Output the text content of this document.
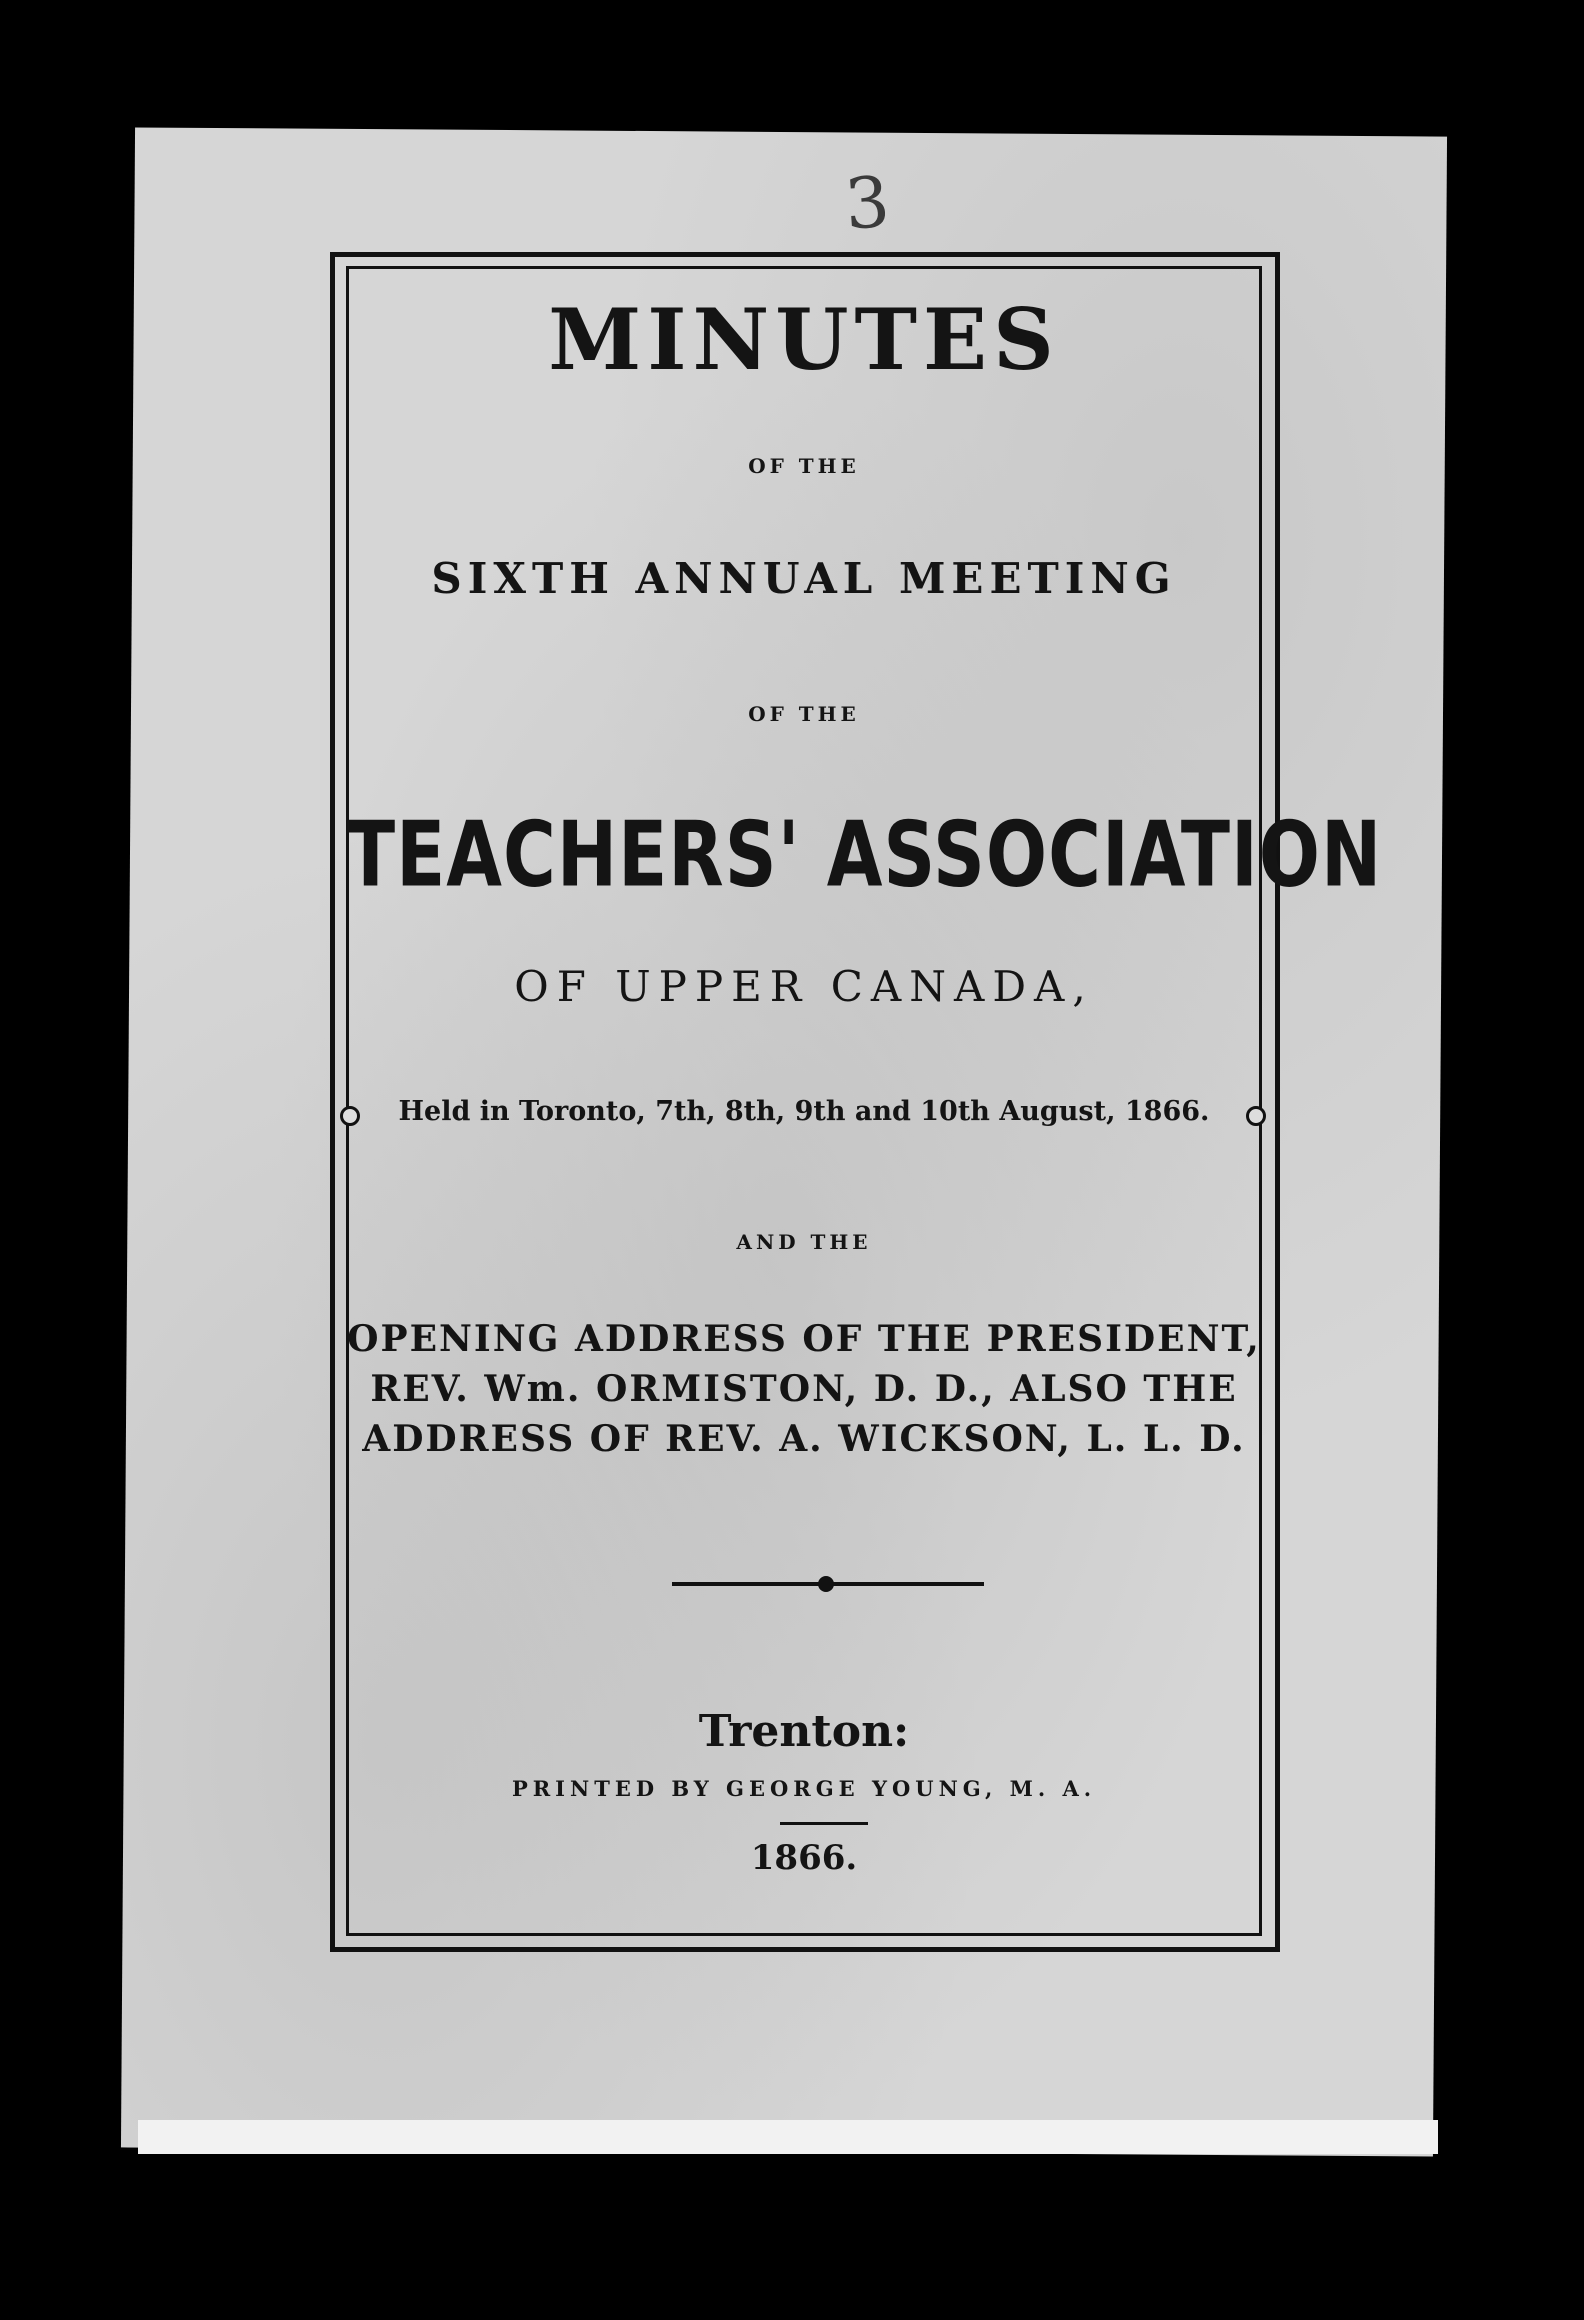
3
MINUTES
OF THE
SIXTH ANNUAL MEETING
OF THE
TEACHERS' ASSOCIATION
OF UPPER CANADA,
Held in Toronto, 7th, 8th, 9th and 10th August, 1866.
AND THE
OPENING ADDRESS OF THE PRESIDENT,
REV. Wm. ORMISTON, D. D., ALSO THE
ADDRESS OF REV. A. WICKSON, L. L. D.
Trenton:
PRINTED BY GEORGE YOUNG, M. A.
1866.
